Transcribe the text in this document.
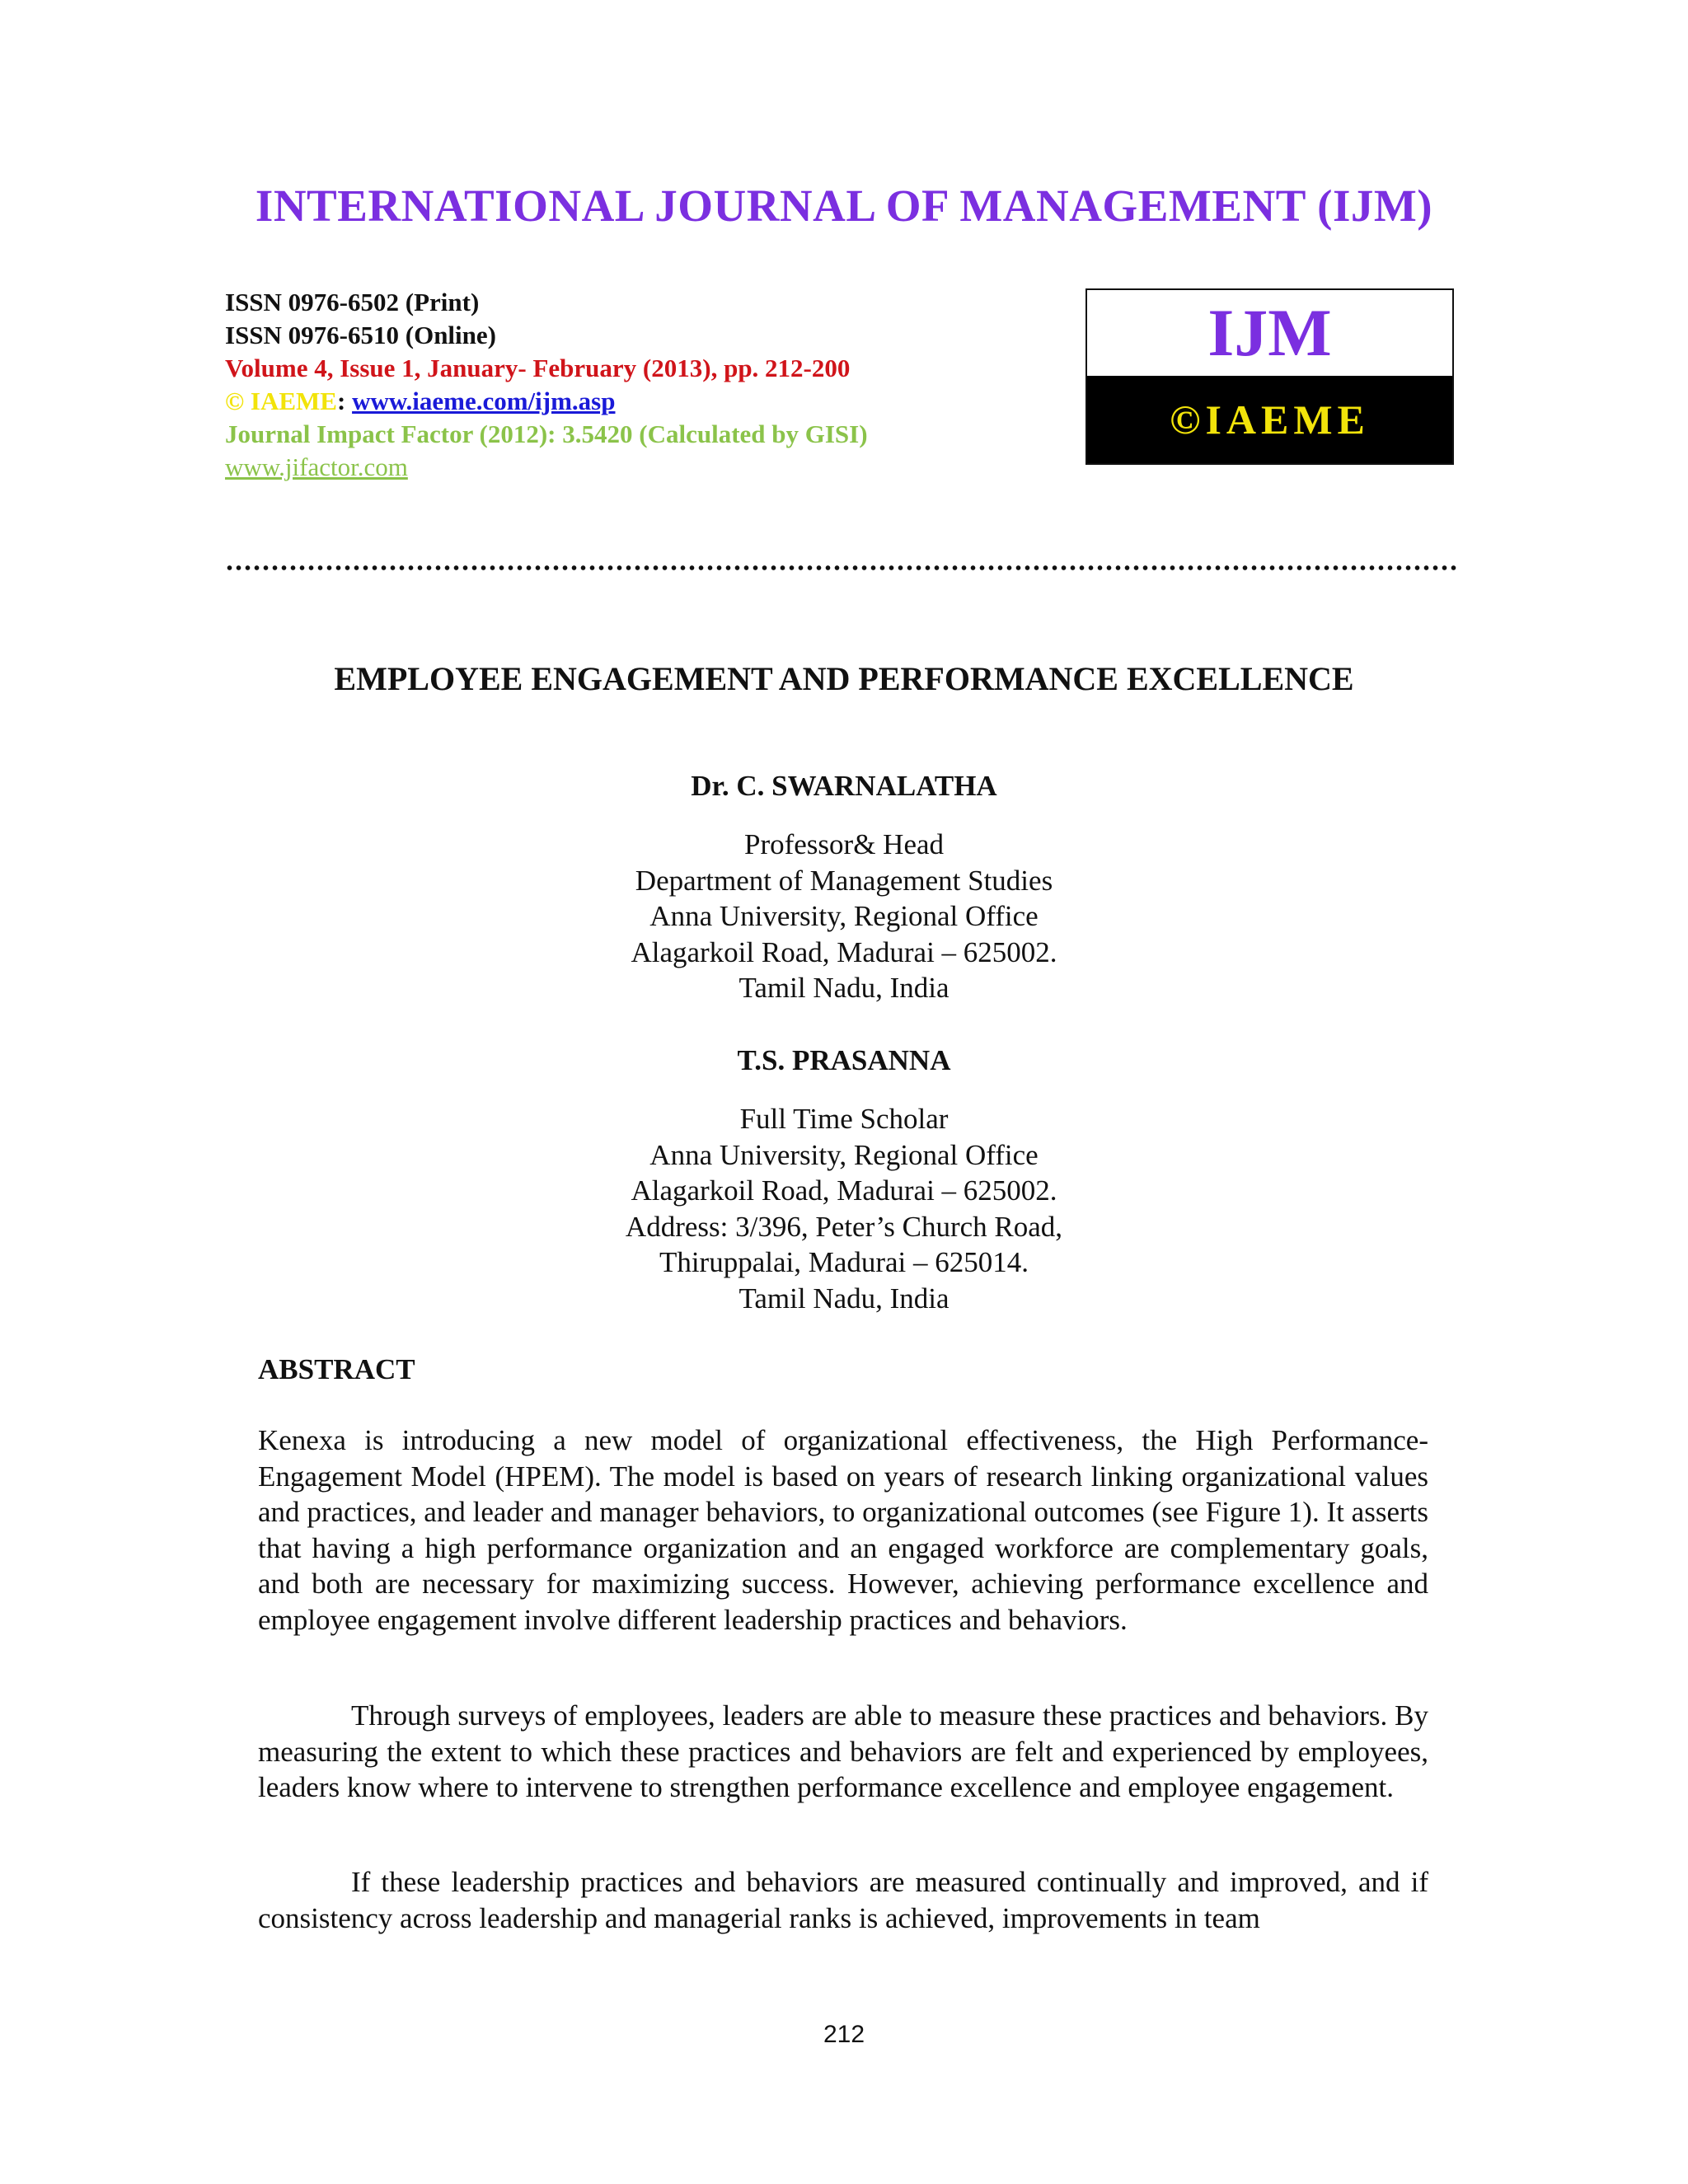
INTERNATIONAL JOURNAL OF MANAGEMENT (IJM)
ISSN 0976-6502 (Print)
ISSN 0976-6510 (Online)
Volume 4, Issue 1, January- February (2013), pp. 212-200
© IAEME: www.iaeme.com/ijm.asp
Journal Impact Factor (2012): 3.5420 (Calculated by GISI)
www.jifactor.com
IJM
©IAEME
EMPLOYEE ENGAGEMENT AND PERFORMANCE EXCELLENCE
Dr. C. SWARNALATHA
Professor& Head
Department of Management Studies
Anna University, Regional Office
Alagarkoil Road, Madurai – 625002.
Tamil Nadu, India
T.S. PRASANNA
Full Time Scholar
Anna University, Regional Office
Alagarkoil Road, Madurai – 625002.
Address: 3/396, Peter’s Church Road,
Thiruppalai, Madurai – 625014.
Tamil Nadu, India
ABSTRACT
Kenexa is introducing a new model of organizational effectiveness, the High Performance-Engagement Model (HPEM). The model is based on years of research linking organizational values and practices, and leader and manager behaviors, to organizational outcomes (see Figure 1). It asserts that having a high performance organization and an engaged workforce are complementary goals, and both are necessary for maximizing success. However, achieving performance excellence and employee engagement involve different leadership practices and behaviors.
Through surveys of employees, leaders are able to measure these practices and behaviors. By measuring the extent to which these practices and behaviors are felt and experienced by employees, leaders know where to intervene to strengthen performance excellence and employee engagement.
If these leadership practices and behaviors are measured continually and improved, and if consistency across leadership and managerial ranks is achieved, improvements in team
212
